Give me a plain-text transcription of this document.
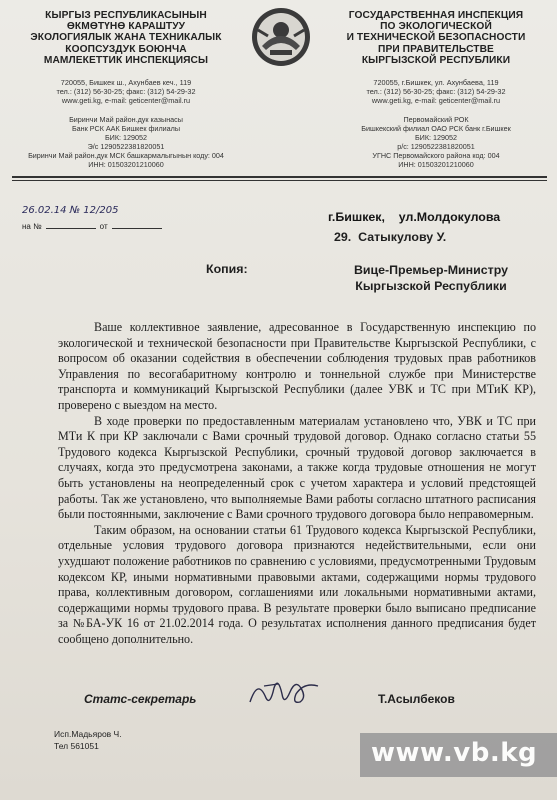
КЫРГЫЗ РЕСПУБЛИКАСЫНЫН
ӨКМӨТҮНӨ КАРАШТУУ
ЭКОЛОГИЯЛЫК ЖАНА ТЕХНИКАЛЫК
КООПСУЗДУК БОЮНЧА
МАМЛЕКЕТТИК ИНСПЕКЦИЯСЫ
720055, Бишкек ш., Ахунбаев кеч., 119
тел.: (312) 56-30-25; факс: (312) 54-29-32
www.geti.kg, e-mail: geticenter@mail.ru
Биринчи Май район.дук казынасы
Банк РСК ААК Бишкек филиалы
БИК: 129052
Э/с 1290522381820051
Биринчи Май район.дук МСК башкармалыгынын коду: 004
ИНН: 01503201210060
ГОСУДАРСТВЕННАЯ ИНСПЕКЦИЯ
ПО ЭКОЛОГИЧЕСКОЙ
И ТЕХНИЧЕСКОЙ БЕЗОПАСНОСТИ
ПРИ ПРАВИТЕЛЬСТВЕ
КЫРГЫЗСКОЙ РЕСПУБЛИКИ
720055, г.Бишкек, ул. Ахунбаева, 119
тел.: (312) 56-30-25; факс: (312) 54-29-32
www.geti.kg, e-mail: geticenter@mail.ru
Первомайский РОК
Бишкекский филиал ОАО РСК банк г.Бишкек
БИК: 129052
р/с: 1290522381820051
УГНС Первомайского района код: 004
ИНН: 01503201210060
26.02.14 № 12/205
на №	от
г.Бишкек,    ул.Молдокулова
29.  Сатыкулову У.
Копия:	Вице-Премьер-Министру
Кыргызской Республики

Ваше коллективное заявление, адресованное в Государственную инспекцию по экологической и технической безопасности при Правительстве Кыргызской Республики, с вопросом об оказании содействия в обеспечении соблюдения трудовых прав работников Управления по весогабаритному контролю и тоннельной службе при Министерстве транспорта и коммуникаций Кыргызской Республики (далее УВК и ТС при МТиК КР), проверено с выездом на место.

В ходе проверки по предоставленным материалам установлено что, УВК и ТС при МТи К при КР заключали с Вами срочный трудовой договор. Однако согласно статьи 55 Трудового кодекса Кыргызской Республики, срочный трудовой договор заключается в случаях, когда это предусмотрена законами, а также когда трудовые отношения не могут быть установлены на неопределенный срок с учетом характера и условий предстоящей работы. Так же установлено, что выполняемые Вами работы согласно штатного расписания были постоянными, заключение с Вами срочного трудового договора было неправомерным.

Таким образом, на основании статьи 61 Трудового кодекса Кыргызской Республики, отдельные условия трудового договора признаются недействительными, если они ухудшают положение работников по сравнению с условиями, предусмотренными Трудовым кодексом КР, иными нормативными правовыми актами, содержащими нормы трудового права, коллективным договором, соглашениями или локальными нормативными актами, содержащими нормы трудового права. В результате проверки было выписано предписание за №БА-УК 16 от 21.02.2014 года. О результатах исполнения данного предписания будет сообщено дополнительно.

Статс-секретарь	Т.Асылбеков
Исп.Мадьяров Ч.
Тел 561051	www.vb.kg
